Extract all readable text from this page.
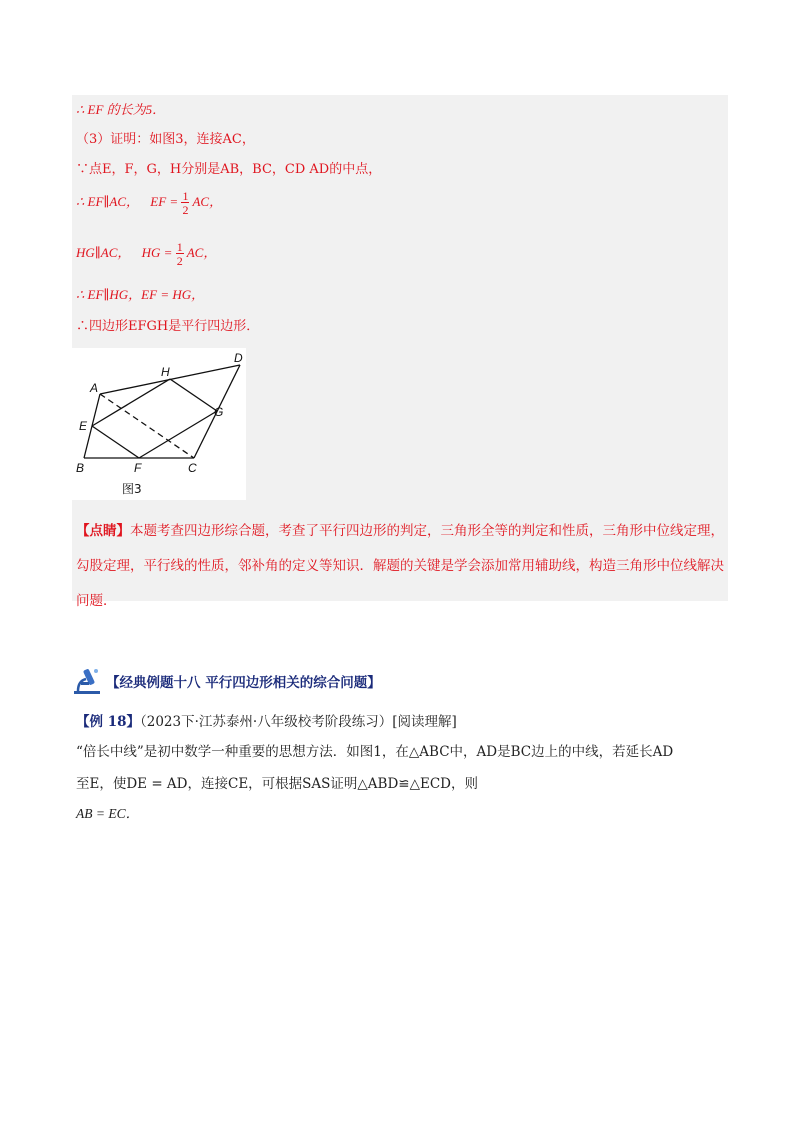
∴ EF 的长为5．
（3）证明：如图3，连接AC，
∵点E，F，G，H分别是AB，BC，CD AD的中点，
∴ EF∥AC， EF = $\frac{1}{2}$ AC，
HG∥AC， HG = $\frac{1}{2}$ AC，
∴ EF∥HG，EF = HG，
∴四边形EFGH是平行四边形．
A
B	C
D
E
F
G
H
图3
【点睛】本题考查四边形综合题，考查了平行四边形的判定，三角形全等的判定和性质，三角形中位线定理，勾股定理，平行线的性质，邻补角的定义等知识．解题的关键是学会添加常用辅助线，构造三角形中位线解决问题．
【经典例题十八 平行四边形相关的综合问题】
【例 18】（2023下·江苏泰州·八年级校考阶段练习）[阅读理解]
“倍长中线”是初中数学一种重要的思想方法．如图1，在△ABC中，AD是BC边上的中线，若延长AD
至E，使DE = AD，连接CE，可根据SAS证明△ABD≌△ECD，则
AB = EC．
